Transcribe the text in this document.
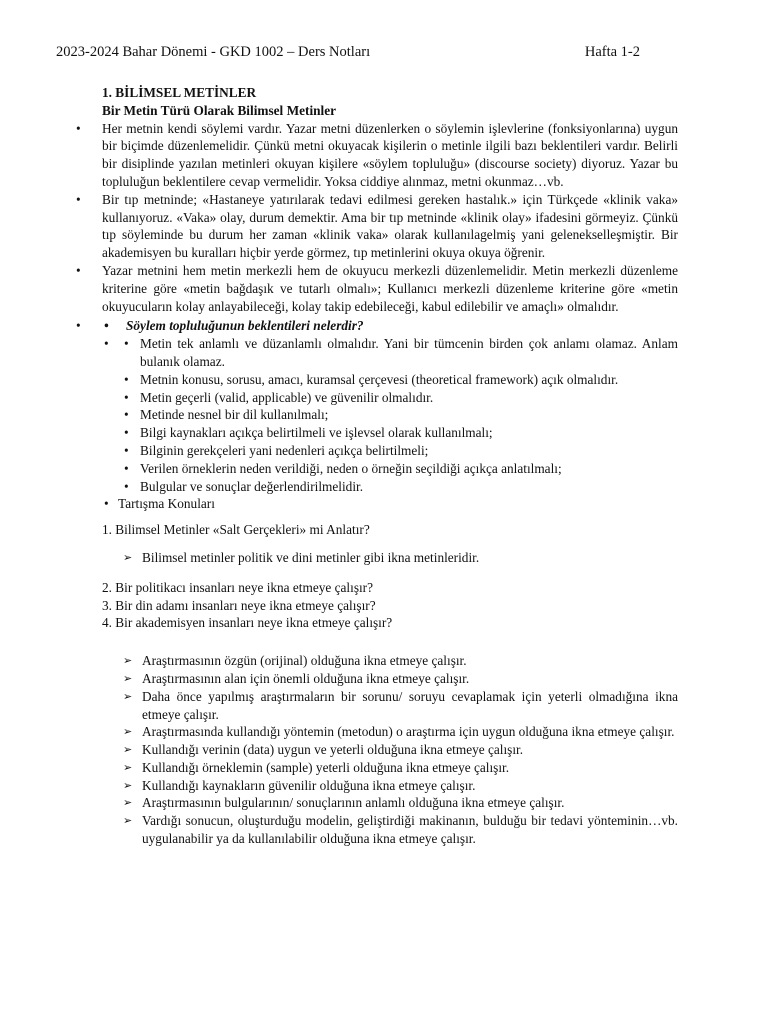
2023-2024 Bahar Dönemi - GKD 1002 – Ders Notları	Hafta 1-2
1. BİLİMSEL METİNLER
Bir Metin Türü Olarak Bilimsel Metinler
• Her metnin kendi söylemi vardır. Yazar metni düzenlerken o söylemin işlevlerine (fonksiyonlarına) uygun bir biçimde düzenlemelidir. Çünkü metni okuyacak kişilerin o metinle ilgili bazı beklentileri vardır. Belirli bir disiplinde yazılan metinleri okuyan kişilere «söylem topluluğu» (discourse society) diyoruz. Yazar bu topluluğun beklentilere cevap vermelidir. Yoksa ciddiye alınmaz, metni okunmaz…vb.
• Bir tıp metninde; «Hastaneye yatırılarak tedavi edilmesi gereken hastalık.» için Türkçede «klinik vaka» kullanıyoruz. «Vaka» olay, durum demektir. Ama bir tıp metninde «klinik olay» ifadesini görmeyiz. Çünkü tıp söyleminde bu durum her zaman «klinik vaka» olarak kullanılagelmiş yani gelenekselleşmiştir. Bir akademisyen bu kuralları hiçbir yerde görmez, tıp metinlerini okuya okuya öğrenir.
• Yazar metnini hem metin merkezli hem de okuyucu merkezli düzenlemelidir. Metin merkezli düzenleme kriterine göre «metin bağdaşık ve tutarlı olmalı»; Kullanıcı merkezli düzenleme kriterine göre «metin okuyucuların kolay anlayabileceği, kolay takip edebileceği, kabul edilebilir ve amaçlı» olmalıdır.
• • Söylem topluluğunun beklentileri nelerdir?
• • Metin tek anlamlı ve düzanlamlı olmalıdır. Yani bir tümcenin birden çok anlamı olamaz. Anlam bulanık olamaz.
• Metnin konusu, sorusu, amacı, kuramsal çerçevesi (theoretical framework) açık olmalıdır.
• Metin geçerli (valid, applicable) ve güvenilir olmalıdır.
• Metinde nesnel bir dil kullanılmalı;
• Bilgi kaynakları açıkça belirtilmeli ve işlevsel olarak kullanılmalı;
• Bilginin gerekçeleri yani nedenleri açıkça belirtilmeli;
• Verilen örneklerin neden verildiği, neden o örneğin seçildiği açıkça anlatılmalı;
• Bulgular ve sonuçlar değerlendirilmelidir.
• Tartışma Konuları
1. Bilimsel Metinler «Salt Gerçekleri» mi Anlatır?
➢ Bilimsel metinler politik ve dini metinler gibi ikna metinleridir.
2. Bir politikacı insanları neye ikna etmeye çalışır?
3. Bir din adamı insanları neye ikna etmeye çalışır?
4. Bir akademisyen insanları neye ikna etmeye çalışır?
➢ Araştırmasının özgün (orijinal) olduğuna ikna etmeye çalışır.
➢ Araştırmasının alan için önemli olduğuna ikna etmeye çalışır.
➢ Daha önce yapılmış araştırmaların bir sorunu/ soruyu cevaplamak için yeterli olmadığına ikna etmeye çalışır.
➢ Araştırmasında kullandığı yöntemin (metodun) o araştırma için uygun olduğuna ikna etmeye çalışır.
➢ Kullandığı verinin (data) uygun ve yeterli olduğuna ikna etmeye çalışır.
➢ Kullandığı örneklemin (sample) yeterli olduğuna ikna etmeye çalışır.
➢ Kullandığı kaynakların güvenilir olduğuna ikna etmeye çalışır.
➢ Araştırmasının bulgularının/ sonuçlarının anlamlı olduğuna ikna etmeye çalışır.
➢ Vardığı sonucun, oluşturduğu modelin, geliştirdiği makinanın, bulduğu bir tedavi yönteminin…vb. uygulanabilir ya da kullanılabilir olduğuna ikna etmeye çalışır.
